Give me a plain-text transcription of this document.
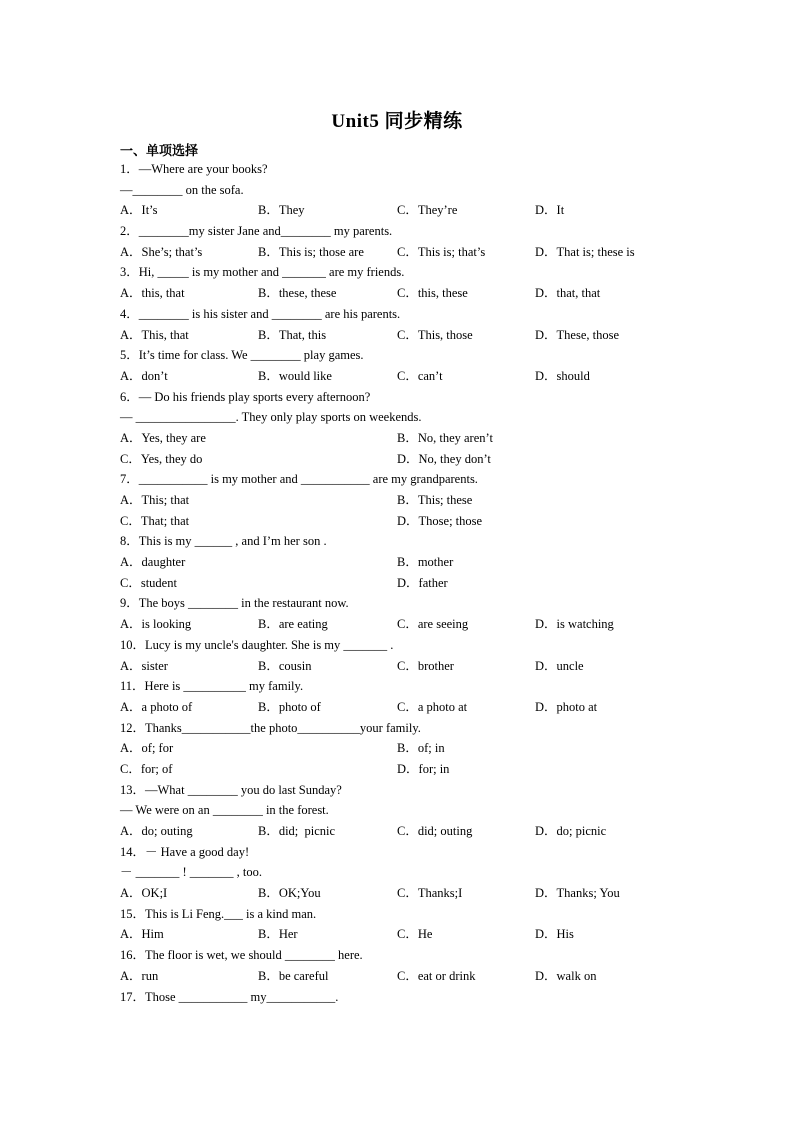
Unit5 同步精练
一、单项选择
1．—Where are your books?
—________ on the sofa.
A．It’s	B．They	C．They’re	D．It
2．________my sister Jane and________ my parents.
A．She’s; that’s	B．This is; those are	C．This is; that’s	D．That is; these is
3．Hi, _____ is my mother and _______ are my friends.
A．this, that	B．these, these	C．this, these	D．that, that
4．________ is his sister and ________ are his parents.
A．This, that	B．That, this	C．This, those	D．These, those
5．It’s time for class. We ________ play games.
A．don’t	B．would like	C．can’t	D．should
6．— Do his friends play sports every afternoon?
— ________________. They only play sports on weekends.
A．Yes, they are	B．No, they aren’t
C．Yes, they do	D．No, they don’t
7．___________ is my mother and ___________ are my grandparents.
A．This; that	B．This; these
C．That; that	D．Those; those
8．This is my ______ , and I’m her son .
A．daughter	B．mother
C．student	D．father
9．The boys ________ in the restaurant now.
A．is looking	B．are eating	C．are seeing	D．is watching
10．Lucy is my uncle's daughter. She is my _______ .
A．sister	B．cousin	C．brother	D．uncle
11．Here is __________ my family.
A．a photo of	B．photo of	C．a photo at	D．photo at
12．Thanks___________the photo__________your family.
A．of; for	B．of; in
C．for; of	D．for; in
13．—What ________ you do last Sunday?
— We were on an ________ in the forest.
A．do; outing	B．did;  picnic	C．did; outing	D．do; picnic
14．－ Have a good day!
－ _______ ! _______ , too.
A．OK;I	B．OK;You	C．Thanks;I	D．Thanks; You
15．This is Li Feng.___ is a kind man.
A．Him	B．Her	C．He	D．His
16．The floor is wet, we should ________ here.
A．run	B．be careful	C．eat or drink	D．walk on
17．Those ___________ my___________.
